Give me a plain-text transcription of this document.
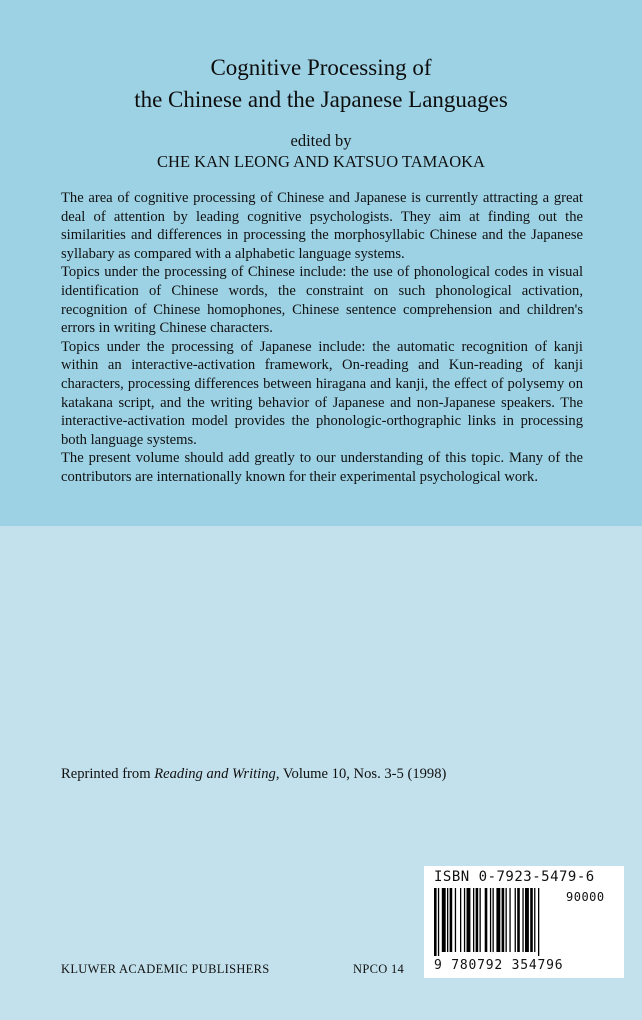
Cognitive Processing of
the Chinese and the Japanese Languages
edited by
CHE KAN LEONG AND KATSUO TAMAOKA

The area of cognitive processing of Chinese and Japanese is currently attracting a great deal of attention by leading cognitive psychologists. They aim at finding out the similarities and differences in processing the morphosyllabic Chinese and the Japanese syllabary as compared with a alphabetic language systems.

Topics under the processing of Chinese include: the use of phonological codes in visual identification of Chinese words, the constraint on such phonological activation, recognition of Chinese homophones, Chinese sentence comprehension and children's errors in writing Chinese characters.

Topics under the processing of Japanese include: the automatic recognition of kanji within an interactive-activation framework, On-reading and Kun-reading of kanji characters, processing differences between hiragana and kanji, the effect of polysemy on katakana script, and the writing behavior of Japanese and non-Japanese speakers. The interactive-activation model provides the phonologic-orthographic links in processing both language systems.

The present volume should add greatly to our understanding of this topic. Many of the contributors are internationally known for their experimental psychological work.

Reprinted from Reading and Writing, Volume 10, Nos. 3-5 (1998)
KLUWER ACADEMIC PUBLISHERS	NPCO 14
ISBN 0-7923-5479-6
90000
9 780792 354796
